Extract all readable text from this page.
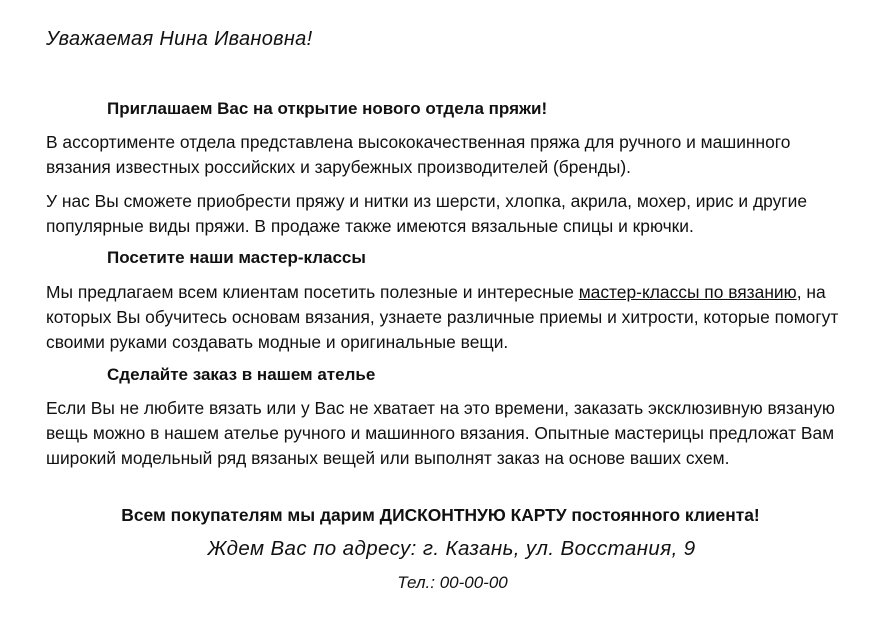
Уважаемая Нина Ивановна!
Приглашаем Вас на открытие нового отдела пряжи!

В ассортименте отдела представлена высококачественная пряжа для ручного и машинного вязания известных российских и зарубежных производителей (бренды).

У нас Вы сможете приобрести пряжу и нитки из шерсти, хлопка, акрила, мохер, ирис и другие популярные виды пряжи. В продаже также имеются вязальные спицы и крючки.

Посетите наши мастер-классы

Мы предлагаем всем клиентам посетить полезные и интересные мастер-классы по вязанию, на которых Вы обучитесь основам вязания, узнаете различные приемы и хитрости, которые помогут своими руками создавать модные и оригинальные вещи.

Сделайте заказ в нашем ателье

Если Вы не любите вязать или у Вас не хватает на это времени, заказать эксклюзивную вязаную вещь можно в нашем ателье ручного и машинного вязания. Опытные мастерицы предложат Вам широкий модельный ряд вязаных вещей или выполнят заказ на основе ваших схем.

Всем покупателям мы дарим ДИСКОНТНУЮ КАРТУ постоянного клиента!
Ждем Вас по адресу: г. Казань, ул. Восстания, 9
Тел.: 00-00-00
